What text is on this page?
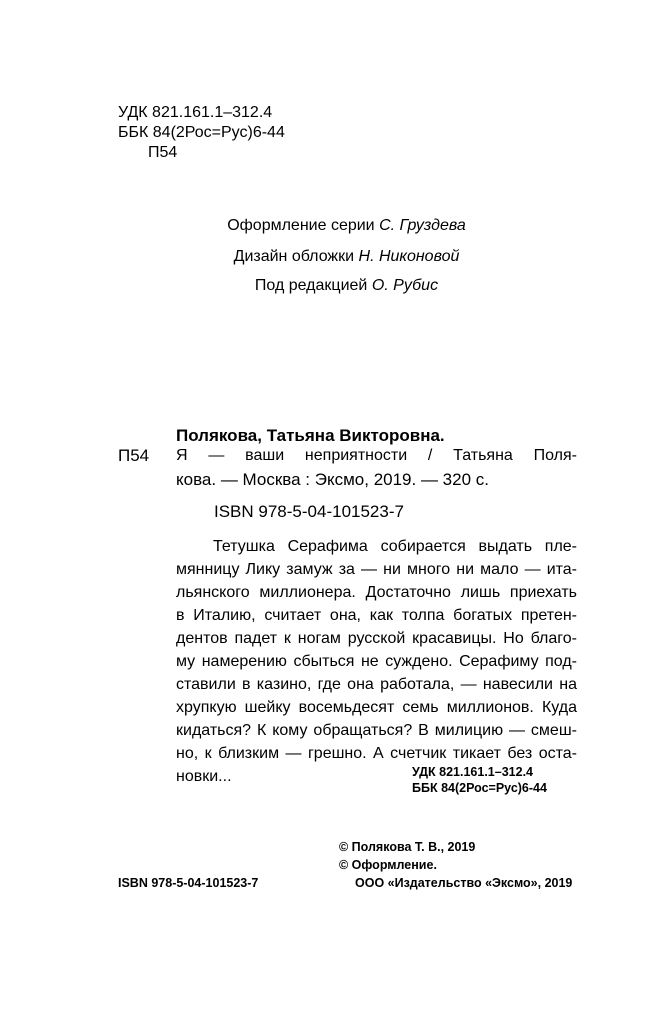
УДК 821.161.1–312.4
ББК 84(2Рос=Рус)6-44
П54
Оформление серии С. Груздева
Дизайн обложки Н. Никоновой
Под редакцией О. Рубис
Полякова, Татьяна Викторовна.
П54 Я — ваши неприятности / Татьяна Поля-
кова. — Москва : Эксмо, 2019. — 320 с.
ISBN 978-5-04-101523-7
Тетушка Серафима собирается выдать пле-
мянницу Лику замуж за — ни много ни мало — ита-
льянского миллионера. Достаточно лишь приехать
в Италию, считает она, как толпа богатых претен-
дентов падет к ногам русской красавицы. Но благо-
му намерению сбыться не суждено. Серафиму под-
ставили в казино, где она работала, — навесили на
хрупкую шейку восемьдесят семь миллионов. Куда
кидаться? К кому обращаться? В милицию — смеш-
но, к близким — грешно. А счетчик тикает без оста-
новки...	УДК 821.161.1–312.4
ББК 84(2Рос=Рус)6-44
© Полякова Т. В., 2019
© Оформление.
ООО «Издательство «Эксмо», 2019
ISBN 978-5-04-101523-7
